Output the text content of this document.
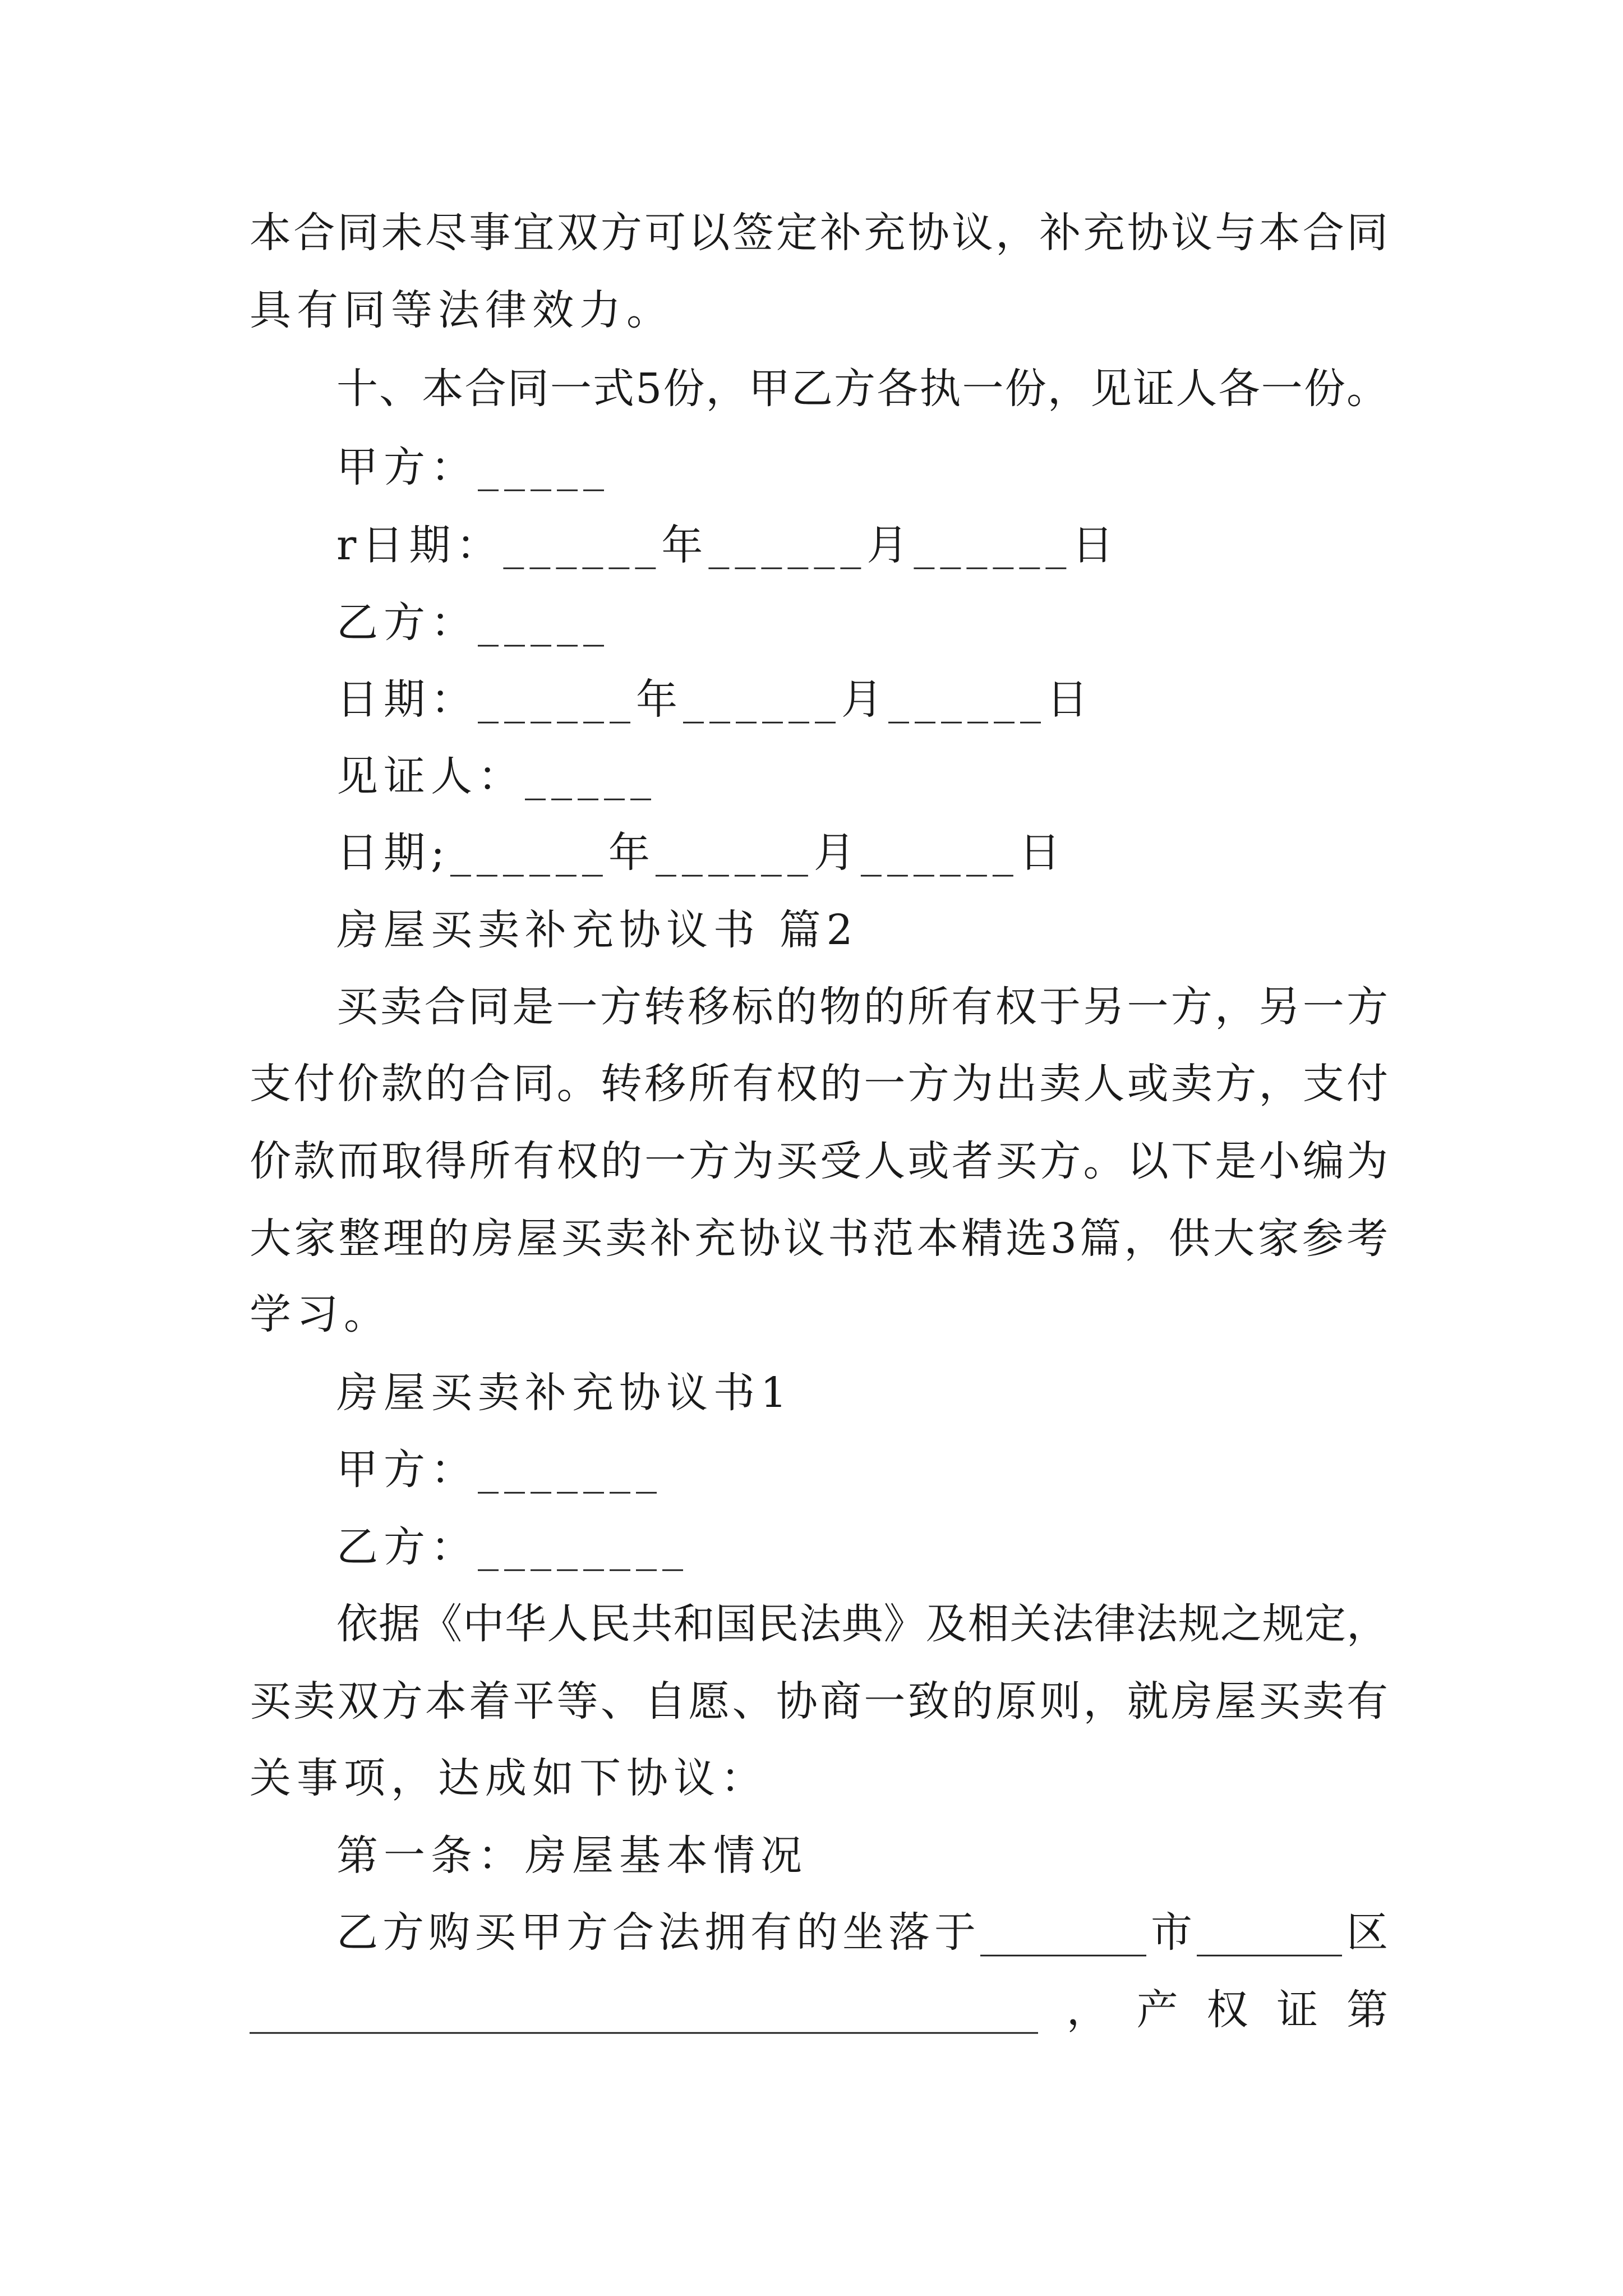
本合同未尽事宜双方可以签定补充协议，补充协议与本合同
具有同等法律效力。
十、本合同一式5份，甲乙方各执一份，见证人各一份。
甲方：_____
r日期：______年______月______日
乙方：_____
日期：______年______月______日
见证人：_____
日期;______年______月______日
房屋买卖补充协议书 篇2
买卖合同是一方转移标的物的所有权于另一方，另一方
支付价款的合同。转移所有权的一方为出卖人或卖方，支付
价款而取得所有权的一方为买受人或者买方。以下是小编为
大家整理的房屋买卖补充协议书范本精选3篇，供大家参考
学习。
房屋买卖补充协议书1
甲方：_______
乙方：________
依据《中华人民共和国民法典》及相关法律法规之规定，
买卖双方本着平等、自愿、协商一致的原则，就房屋买卖有
关事项，达成如下协议：
第一条：房屋基本情况
乙方购买甲方合法拥有的坐落于________市_______区
______________________________________，产权证第
